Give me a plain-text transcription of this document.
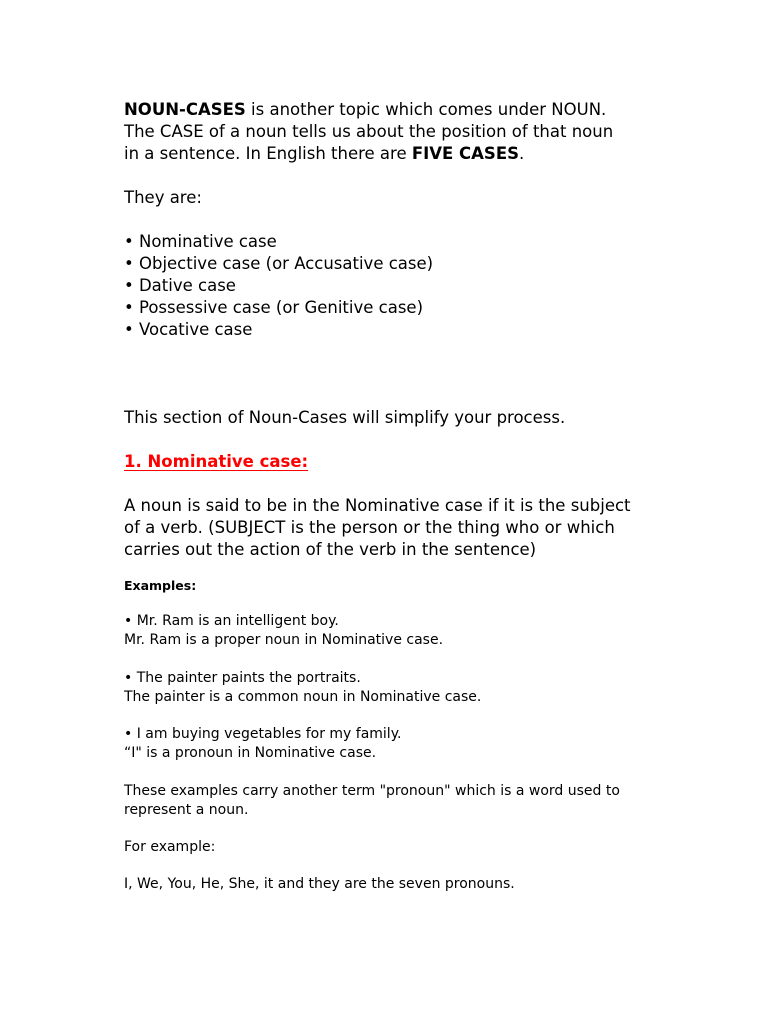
NOUN-CASES is another topic which comes under NOUN.

The CASE of a noun tells us about the position of that noun

in a sentence. In English there are FIVE CASES.

They are:

• Nominative case

• Objective case (or Accusative case)

• Dative case

• Possessive case (or Genitive case)

• Vocative case

This section of Noun-Cases will simplify your process.

1. Nominative case:

A noun is said to be in the Nominative case if it is the subject

of a verb. (SUBJECT is the person or the thing who or which

carries out the action of the verb in the sentence)

Examples:

• Mr. Ram is an intelligent boy.

Mr. Ram is a proper noun in Nominative case.

• The painter paints the portraits.

The painter is a common noun in Nominative case.

• I am buying vegetables for my family.

“I" is a pronoun in Nominative case.

These examples carry another term "pronoun" which is a word used to

represent a noun.

For example:

I, We, You, He, She, it and they are the seven pronouns.
